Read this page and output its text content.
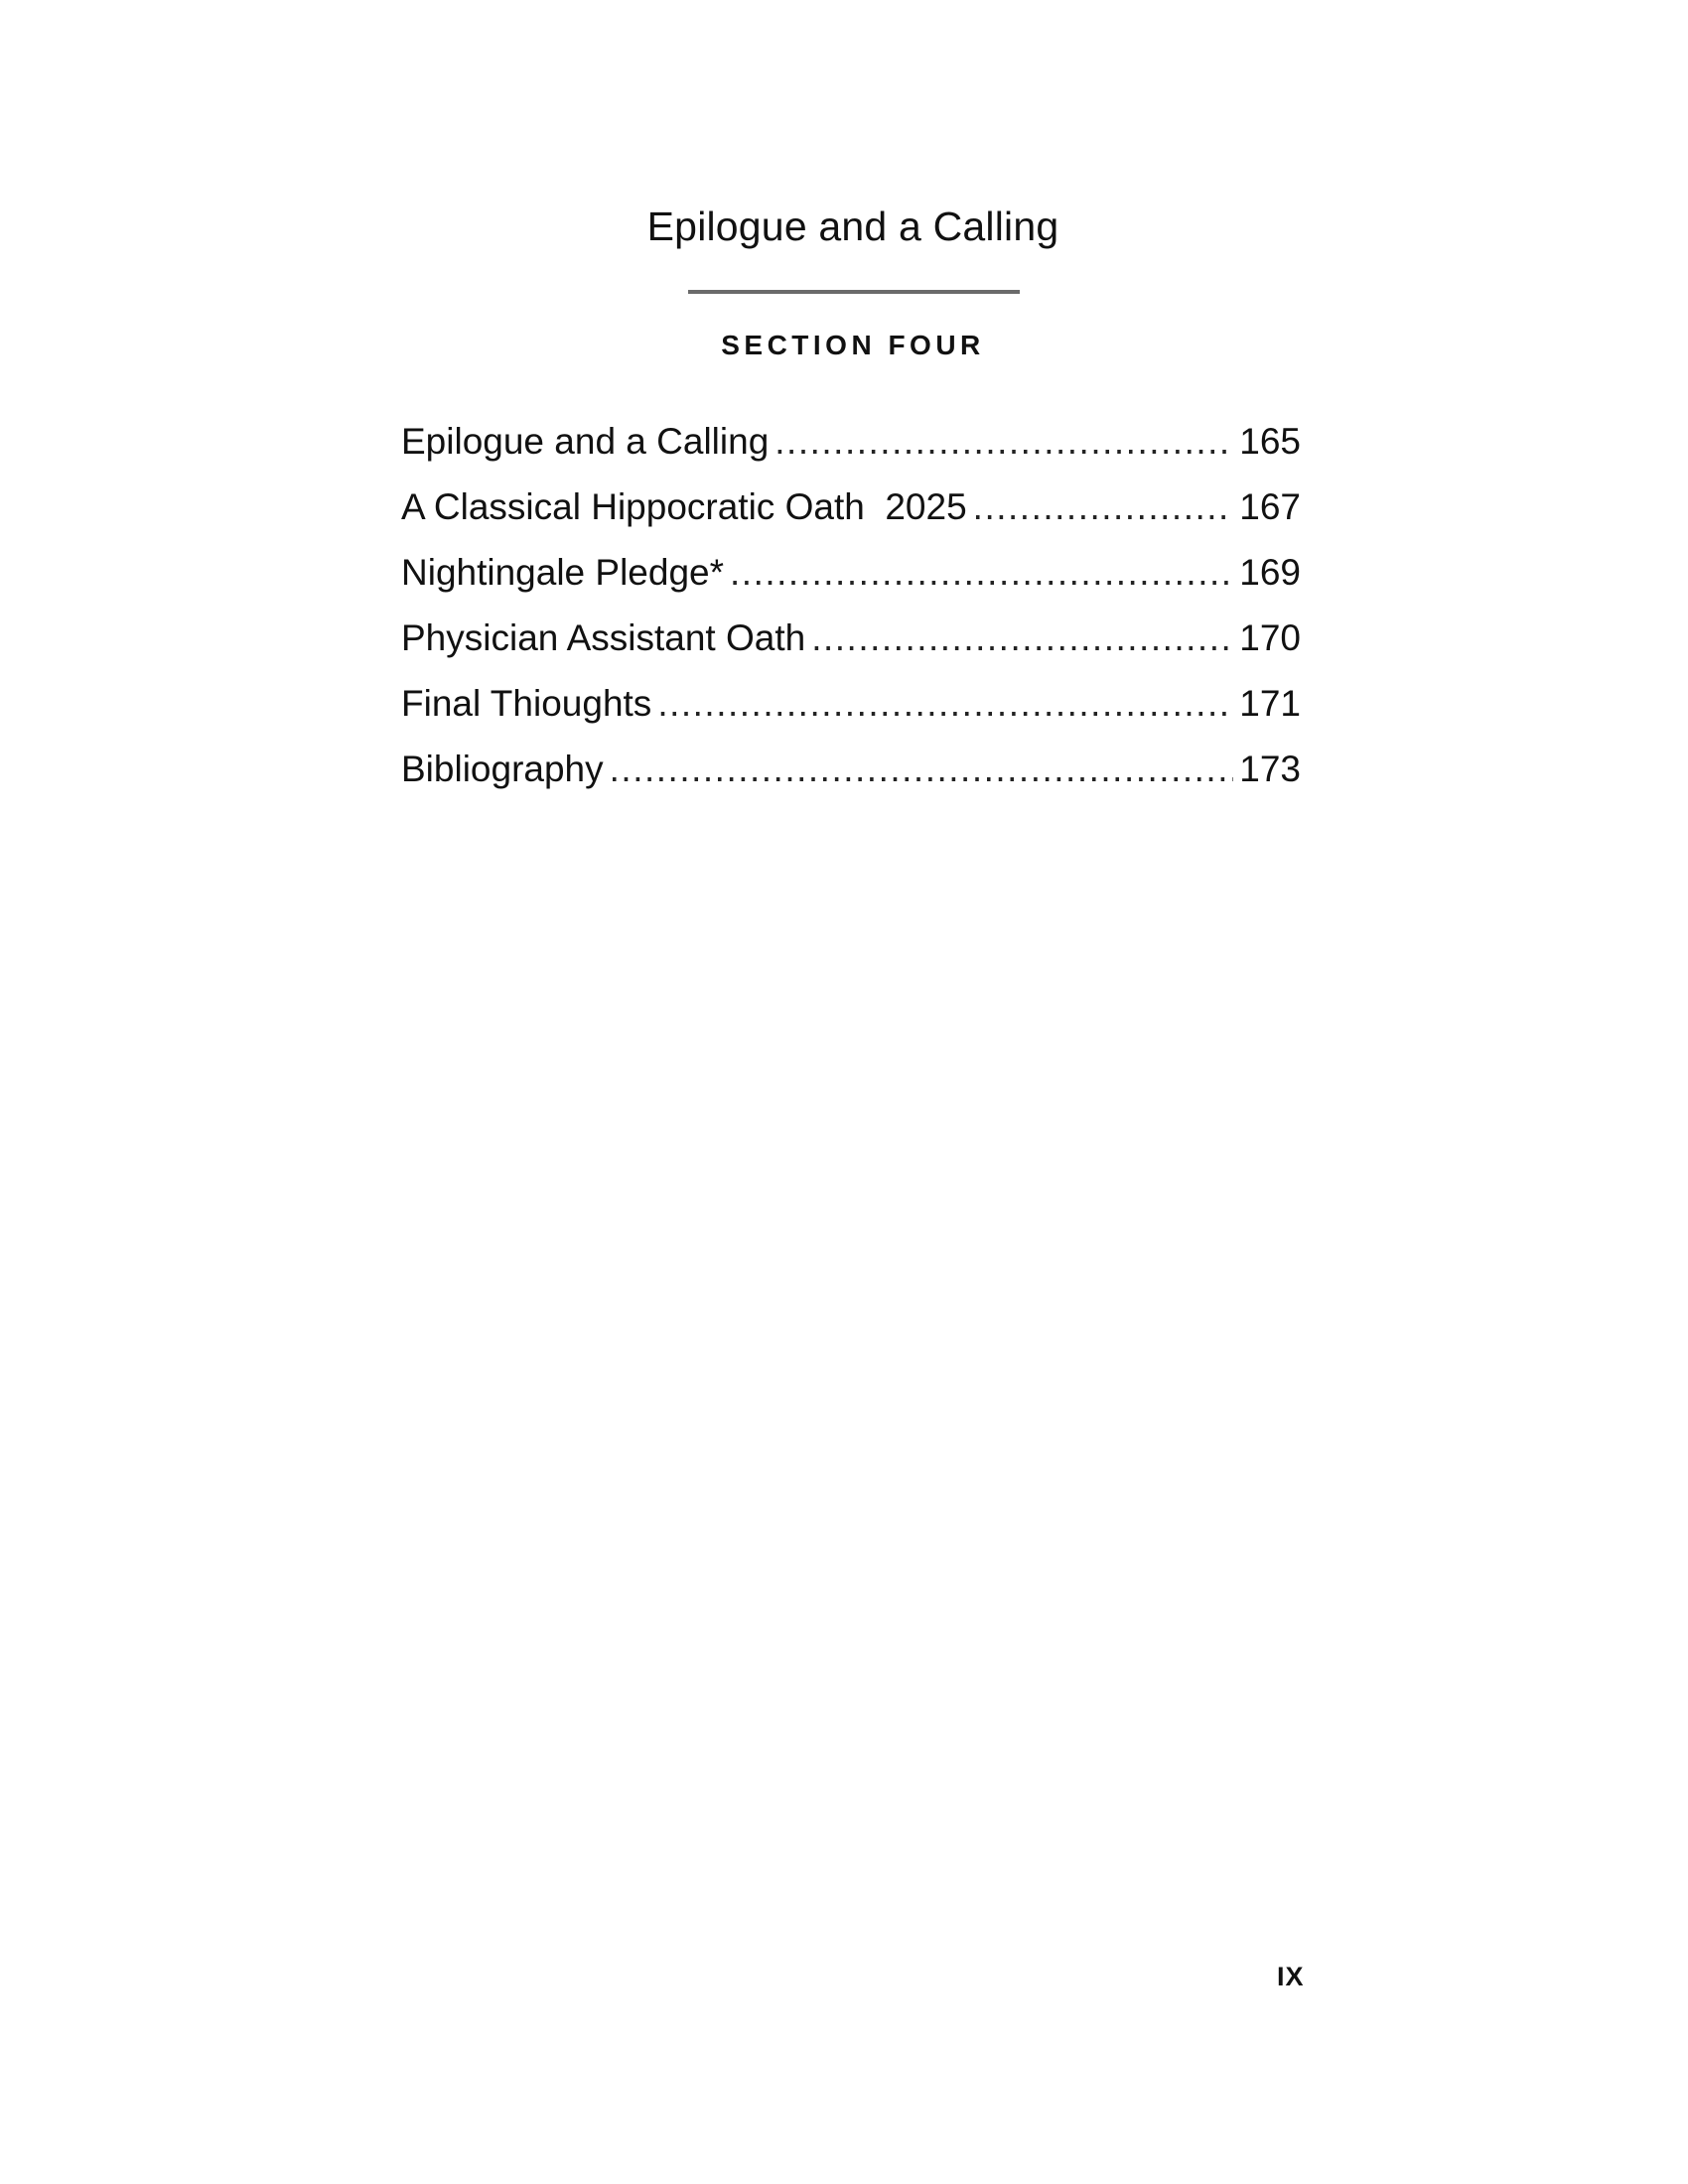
Epilogue and a Calling
SECTION FOUR
Epilogue and a Calling .....	165
A Classical Hippocratic Oath  2025 .....	167
Nightingale Pledge* .....	169
Physician Assistant Oath .....	170
Final Thioughts .....	171
Bibliography .....	173
IX
